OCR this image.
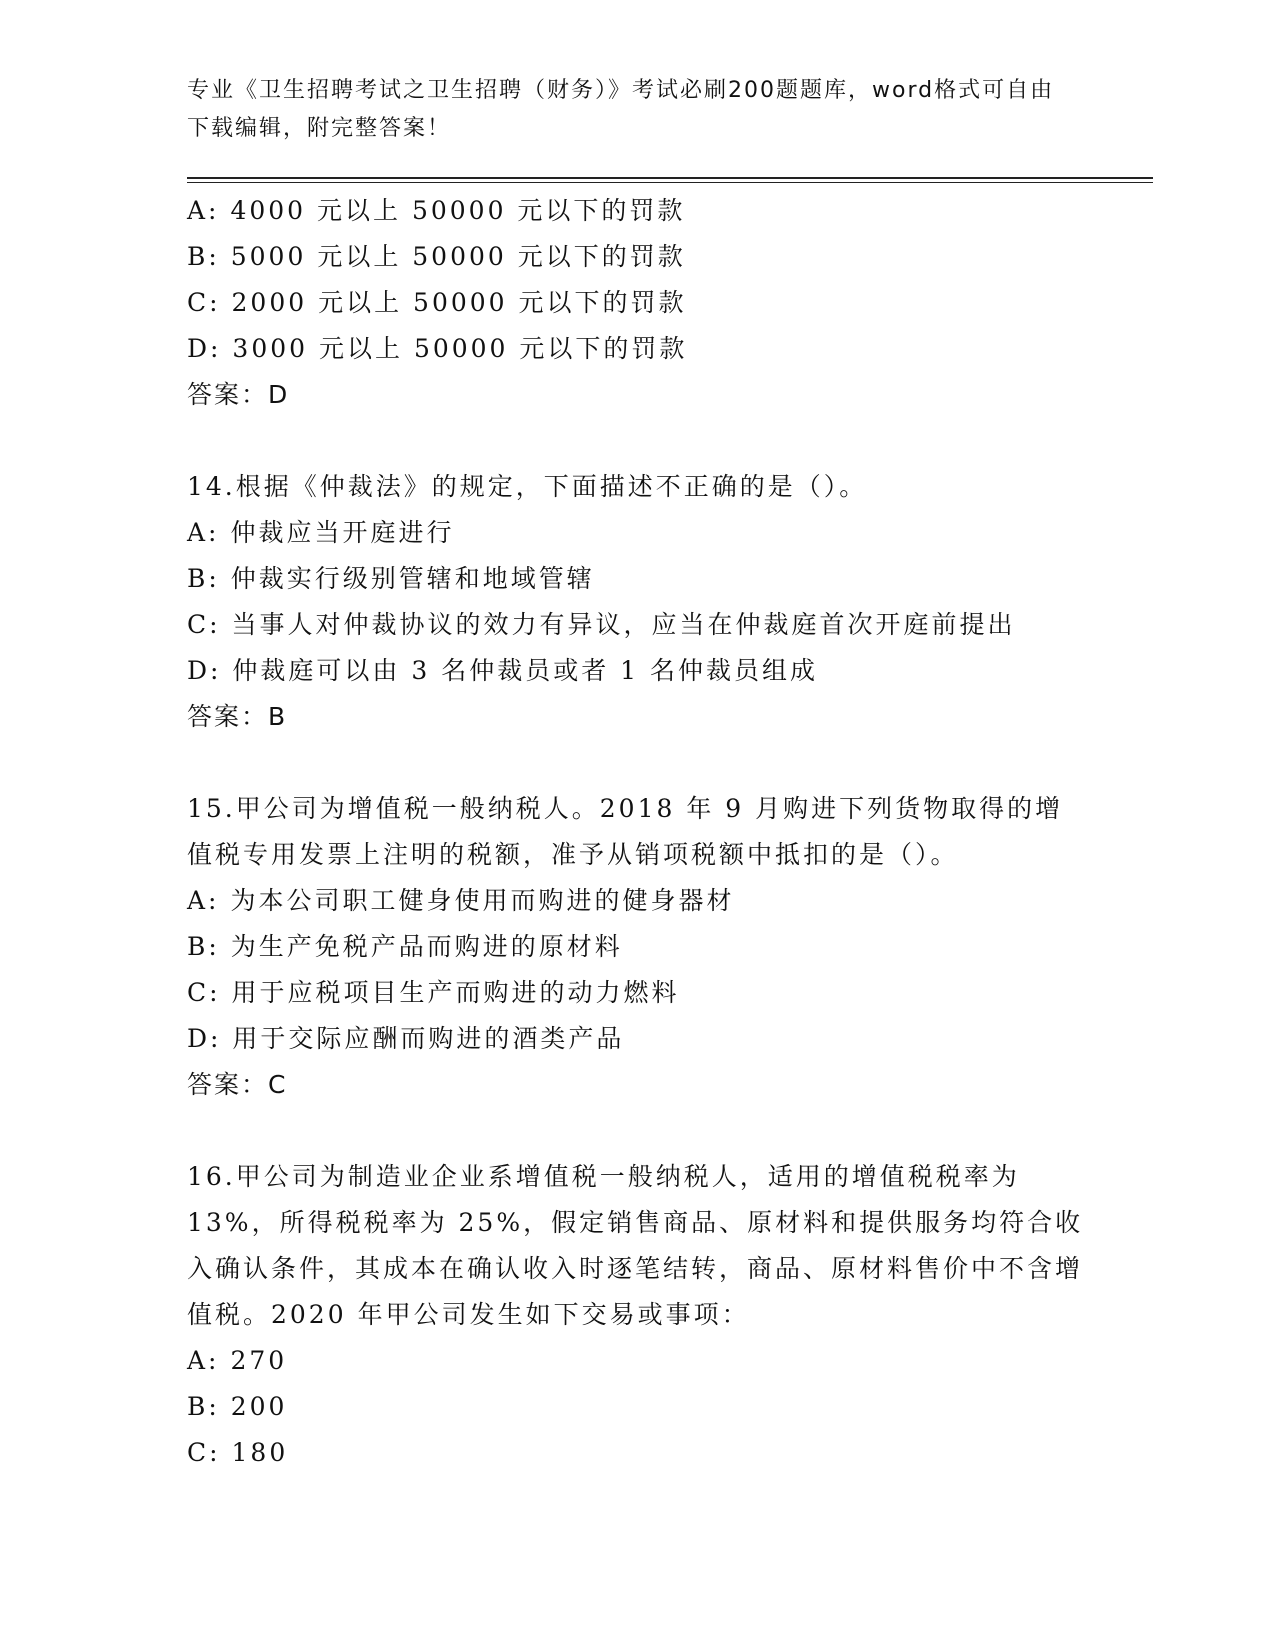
专业《卫生招聘考试之卫生招聘（财务）》考试必刷200题题库，word格式可自由下载编辑，附完整答案！
A: 4000 元以上 50000 元以下的罚款
B: 5000 元以上 50000 元以下的罚款
C: 2000 元以上 50000 元以下的罚款
D: 3000 元以上 50000 元以下的罚款
答案：D
14.根据《仲裁法》的规定，下面描述不正确的是（）。
A: 仲裁应当开庭进行
B: 仲裁实行级别管辖和地域管辖
C: 当事人对仲裁协议的效力有异议，应当在仲裁庭首次开庭前提出
D: 仲裁庭可以由 3 名仲裁员或者 1 名仲裁员组成
答案：B
15.甲公司为增值税一般纳税人。2018 年 9 月购进下列货物取得的增值税专用发票上注明的税额，准予从销项税额中抵扣的是（）。
A: 为本公司职工健身使用而购进的健身器材
B: 为生产免税产品而购进的原材料
C: 用于应税项目生产而购进的动力燃料
D: 用于交际应酬而购进的酒类产品
答案：C
16.甲公司为制造业企业系增值税一般纳税人，适用的增值税税率为 13%，所得税税率为 25%，假定销售商品、原材料和提供服务均符合收入确认条件，其成本在确认收入时逐笔结转，商品、原材料售价中不含增值税。2020 年甲公司发生如下交易或事项：
A: 270
B: 200
C: 180
